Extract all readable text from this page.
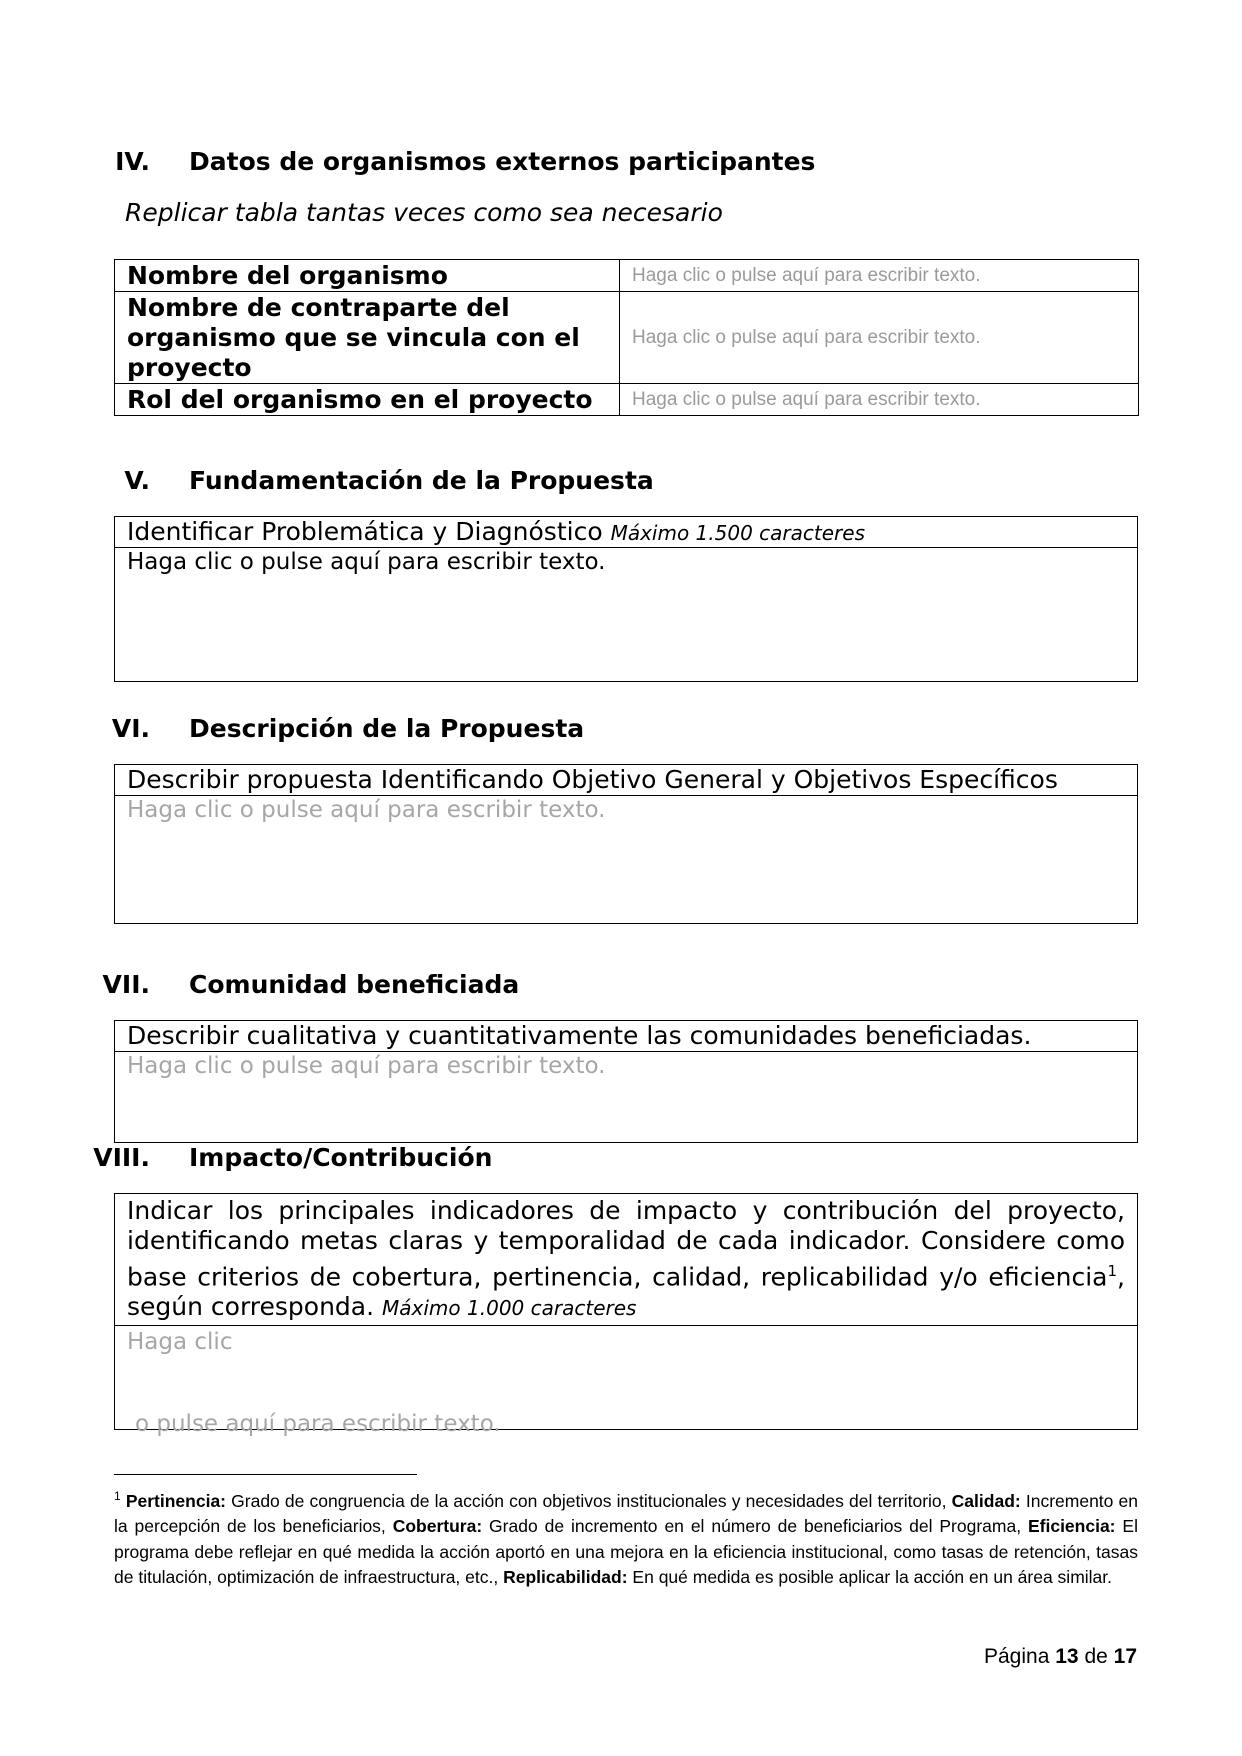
IV. Datos de organismos externos participantes
Replicar tabla tantas veces como sea necesario
Nombre del organismo	Haga clic o pulse aquí para escribir texto.
Nombre de contraparte del organismo que se vincula con el proyecto	Haga clic o pulse aquí para escribir texto.
Rol del organismo en el proyecto	Haga clic o pulse aquí para escribir texto.
V. Fundamentación de la Propuesta
Identificar Problemática y Diagnóstico Máximo 1.500 caracteres
Haga clic o pulse aquí para escribir texto.
VI. Descripción de la Propuesta
Describir propuesta Identificando Objetivo General y Objetivos Específicos
Haga clic o pulse aquí para escribir texto.
VII. Comunidad beneficiada
Describir cualitativa y cuantitativamente las comunidades beneficiadas.
Haga clic o pulse aquí para escribir texto.
VIII. Impacto/Contribución
Indicar los principales indicadores de impacto y contribución del proyecto, identificando metas claras y temporalidad de cada indicador. Considere como base criterios de cobertura, pertinencia, calidad, replicabilidad y/o eficiencia$^1$, según corresponda. Máximo 1.000 caracteres
Haga clic
o pulse aquí para escribir texto.
$^1$ Pertinencia: Grado de congruencia de la acción con objetivos institucionales y necesidades del territorio, Calidad: Incremento en la percepción de los beneficiarios, Cobertura: Grado de incremento en el número de beneficiarios del Programa, Eficiencia: El programa debe reflejar en qué medida la acción aportó en una mejora en la eficiencia institucional, como tasas de retención, tasas de titulación, optimización de infraestructura, etc., Replicabilidad: En qué medida es posible aplicar la acción en un área similar.
Página 13 de 17
